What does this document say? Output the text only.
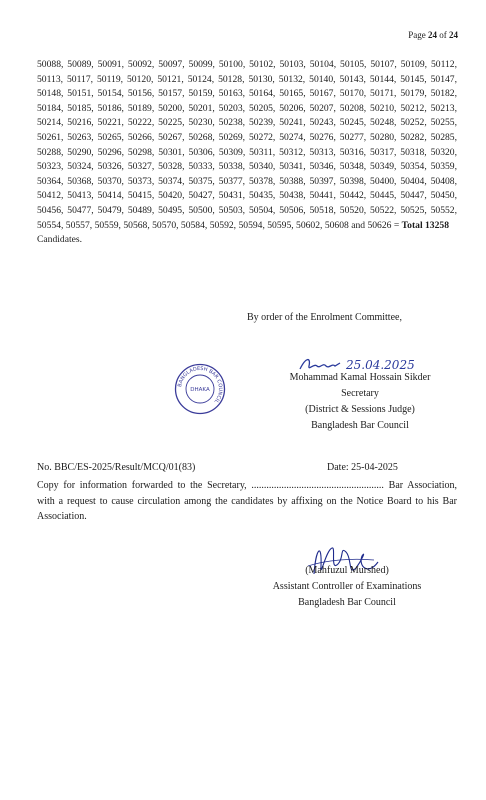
Page 24 of 24
50088, 50089, 50091, 50092, 50097, 50099, 50100, 50102, 50103, 50104, 50105, 50107, 50109, 50112, 50113, 50117, 50119, 50120, 50121, 50124, 50128, 50130, 50132, 50140, 50143, 50144, 50145, 50147, 50148, 50151, 50154, 50156, 50157, 50159, 50163, 50164, 50165, 50167, 50170, 50171, 50179, 50182, 50184, 50185, 50186, 50189, 50200, 50201, 50203, 50205, 50206, 50207, 50208, 50210, 50212, 50213, 50214, 50216, 50221, 50222, 50225, 50230, 50238, 50239, 50241, 50243, 50245, 50248, 50252, 50255, 50261, 50263, 50265, 50266, 50267, 50268, 50269, 50272, 50274, 50276, 50277, 50280, 50282, 50285, 50288, 50290, 50296, 50298, 50301, 50306, 50309, 50311, 50312, 50313, 50316, 50317, 50318, 50320, 50323, 50324, 50326, 50327, 50328, 50333, 50338, 50340, 50341, 50346, 50348, 50349, 50354, 50359, 50364, 50368, 50370, 50373, 50374, 50375, 50377, 50378, 50388, 50397, 50398, 50400, 50404, 50408, 50412, 50413, 50414, 50415, 50420, 50427, 50431, 50435, 50438, 50441, 50442, 50445, 50447, 50450, 50456, 50477, 50479, 50489, 50495, 50500, 50503, 50504, 50506, 50518, 50520, 50522, 50525, 50552, 50554, 50557, 50559, 50568, 50570, 50584, 50592, 50594, 50595, 50602, 50608 and 50626 = Total 13258
Candidates.
By order of the Enrolment Committee,
BANGLADESH BAR COUNCIL
DHAKA
25.04.2025
Mohammad Kamal Hossain Sikder
Secretary
(District & Sessions Judge)
Bangladesh Bar Council
No. BBC/ES-2025/Result/MCQ/01(83)	Date: 25-04-2025
Copy for information forwarded to the Secretary, ..................................................... Bar Association, with a request to cause circulation among the candidates by affixing on the Notice Board to his Bar Association.
(Mahfuzul Murshed)
Assistant Controller of Examinations
Bangladesh Bar Council
